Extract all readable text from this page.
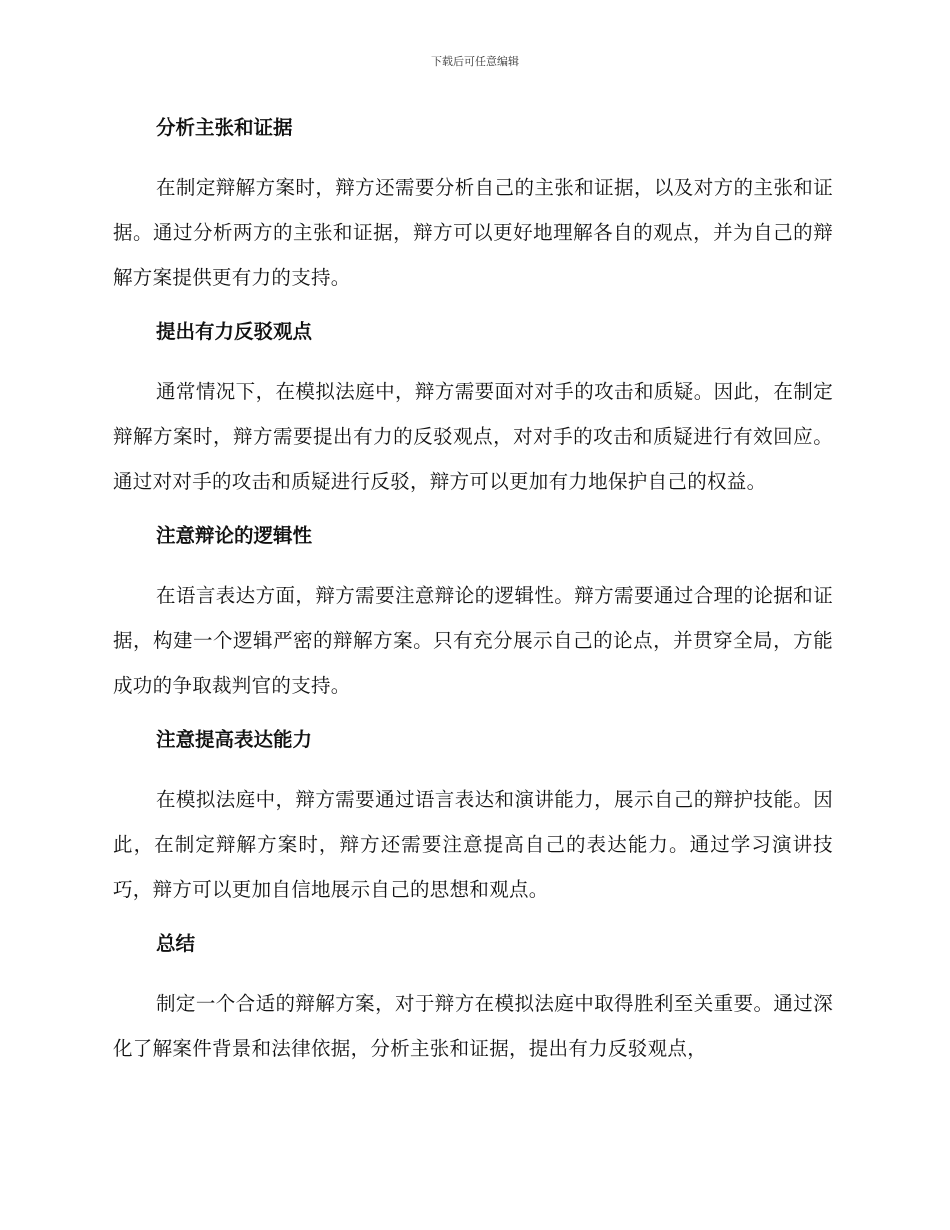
下载后可任意编辑
分析主张和证据

在制定辩解方案时，辩方还需要分析自己的主张和证据，以及对方的主张和证据。通过分析两方的主张和证据，辩方可以更好地理解各自的观点，并为自己的辩解方案提供更有力的支持。

提出有力反驳观点

通常情况下，在模拟法庭中，辩方需要面对对手的攻击和质疑。因此，在制定辩解方案时，辩方需要提出有力的反驳观点，对对手的攻击和质疑进行有效回应。通过对对手的攻击和质疑进行反驳，辩方可以更加有力地保护自己的权益。

注意辩论的逻辑性

在语言表达方面，辩方需要注意辩论的逻辑性。辩方需要通过合理的论据和证据，构建一个逻辑严密的辩解方案。只有充分展示自己的论点，并贯穿全局，方能成功的争取裁判官的支持。

注意提高表达能力

在模拟法庭中，辩方需要通过语言表达和演讲能力，展示自己的辩护技能。因此，在制定辩解方案时，辩方还需要注意提高自己的表达能力。通过学习演讲技巧，辩方可以更加自信地展示自己的思想和观点。

总结

制定一个合适的辩解方案，对于辩方在模拟法庭中取得胜利至关重要。通过深化了解案件背景和法律依据，分析主张和证据，提出有力反驳观点，
